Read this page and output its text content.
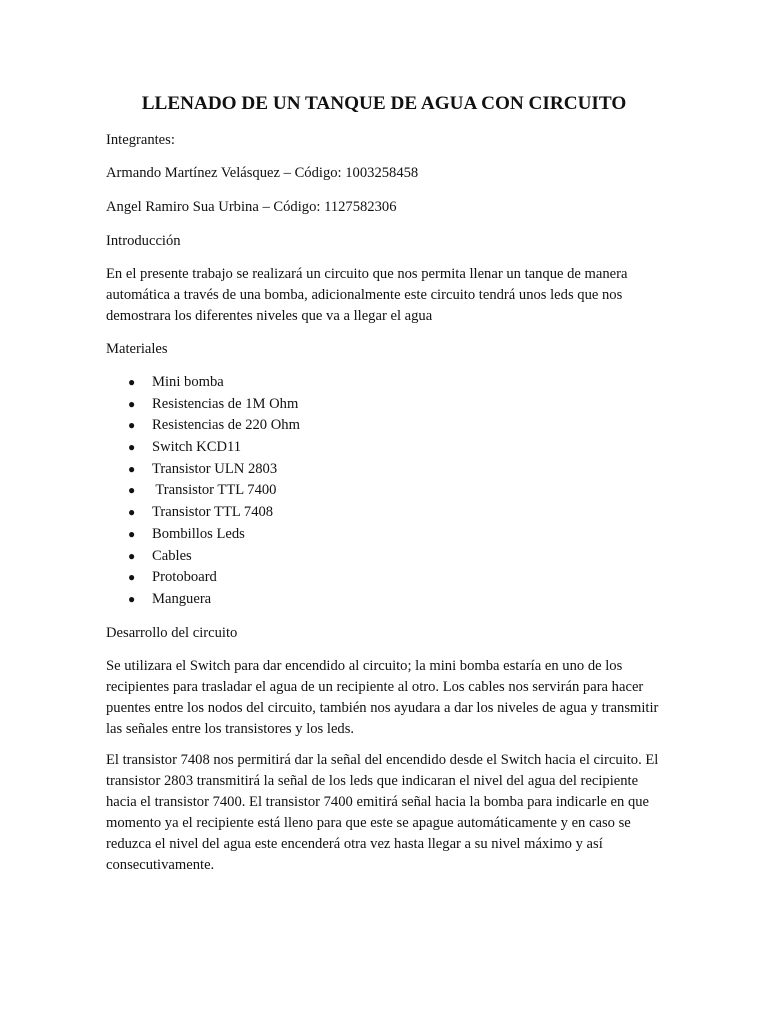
LLENADO DE UN TANQUE DE AGUA CON CIRCUITO

Integrantes:

Armando Martínez Velásquez – Código: 1003258458

Angel Ramiro Sua Urbina – Código: 1127582306

Introducción

En el presente trabajo se realizará un circuito que nos permita llenar un tanque de manera automática a través de una bomba, adicionalmente este circuito tendrá unos leds que nos demostrara los diferentes niveles que va a llegar el agua

Materiales

● Mini bomba
● Resistencias de 1M Ohm
● Resistencias de 220 Ohm
● Switch KCD11
● Transistor ULN 2803
● Transistor TTL 7400
● Transistor TTL 7408
● Bombillos Leds
● Cables
● Protoboard
● Manguera

Desarrollo del circuito

Se utilizara el Switch para dar encendido al circuito; la mini bomba estaría en uno de los recipientes para trasladar el agua de un recipiente al otro. Los cables nos servirán para hacer puentes entre los nodos del circuito, también nos ayudara a dar los niveles de agua y transmitir las señales entre los transistores y los leds.

El transistor 7408 nos permitirá dar la señal del encendido desde el Switch hacia el circuito. El transistor 2803 transmitirá la señal de los leds que indicaran el nivel del agua del recipiente hacia el transistor 7400. El transistor 7400 emitirá señal hacia la bomba para indicarle en que momento ya el recipiente está lleno para que este se apague automáticamente y en caso se reduzca el nivel del agua este encenderá otra vez hasta llegar a su nivel máximo y así consecutivamente.
